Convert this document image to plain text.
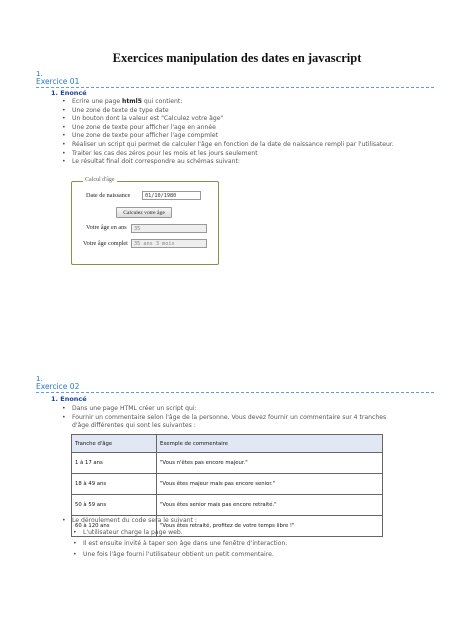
Exercices manipulation des dates en javascript
1.
Exercice 01
1. Enoncé
• Ecrire une page html5 qui contient:
• Une zone de texte de type date
• Un bouton dont la valeur est "Calculez votre âge"
• Une zone de texte pour afficher l'age en année
• Une zone de texte pour afficher l'age compmlet
• Réaliser un script qui permet de calculer l'âge en fonction de la date de naissance rempli par l'utilisateur.
• Traiter les cas des zéros pour les mois et les jours seulement
• Le résultat final doit correspondre au schémas suivant:
Calcul d'âge
Date de naissance	01/10/1980
Calculez votre âge
Votre âge en ans	35
Votre âge complet	35 ans 3 mois
1.
Exercice 02
1. Enoncé
• Dans une page HTML créer un script qui:
• Fournir un commentaire selon l'âge de la personne. Vous devez fournir un commentaire sur 4 tranches d'âge différentes qui sont les suivantes :
Tranche d'âge	Exemple de commentaire
1 à 17 ans	"Vous n'êtes pas encore majeur."
18 à 49 ans	"Vous êtes majeur mais pas encore senior."
50 à 59 ans	"Vous êtes senior mais pas encore retraité."
60 à 120 ans	"Vous êtes retraité, profitez de votre temps libre !"
• Le déroulement du code sera le suivant :
• L'utilisateur charge la page web.
• Il est ensuite invité à taper son âge dans une fenêtre d'interaction.
• Une fois l'âge fourni l'utilisateur obtient un petit commentaire.
